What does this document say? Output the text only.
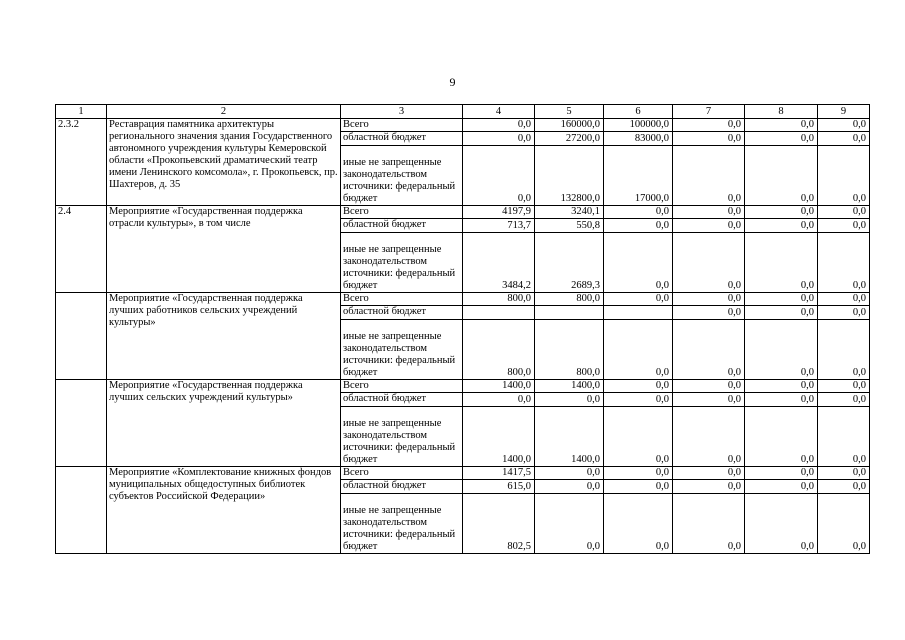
9
1	2	3	4	5	6	7	8	9
2.3.2	Реставрация памятника архитектуры регионального значения здания Государственного автономного учреждения культуры Кемеровской области «Прокопьевский драматический театр имени Ленинского комсомола», г. Прокопьевск, пр. Шахтеров, д. 35	Всего	0,0	160000,0	100000,0	0,0	0,0	0,0
		областной бюджет	0,0	27200,0	83000,0	0,0	0,0	0,0
		иные не запрещенные законодательством источники: федеральный бюджет	0,0	132800,0	17000,0	0,0	0,0	0,0
2.4	Мероприятие «Государственная поддержка отрасли культуры», в том числе	Всего	4197,9	3240,1	0,0	0,0	0,0	0,0
		областной бюджет	713,7	550,8	0,0	0,0	0,0	0,0
		иные не запрещенные законодательством источники: федеральный бюджет	3484,2	2689,3	0,0	0,0	0,0	0,0
	Мероприятие «Государственная поддержка лучших работников сельских учреждений культуры»	Всего	800,0	800,0	0,0	0,0	0,0	0,0
		областной бюджет				0,0	0,0	0,0
		иные не запрещенные законодательством источники: федеральный бюджет	800,0	800,0	0,0	0,0	0,0	0,0
	Мероприятие «Государственная поддержка лучших сельских учреждений культуры»	Всего	1400,0	1400,0	0,0	0,0	0,0	0,0
		областной бюджет	0,0	0,0	0,0	0,0	0,0	0,0
		иные не запрещенные законодательством источники: федеральный бюджет	1400,0	1400,0	0,0	0,0	0,0	0,0
	Мероприятие «Комплектование книжных фондов муниципальных общедоступных библиотек субъектов Российской Федерации»	Всего	1417,5	0,0	0,0	0,0	0,0	0,0
		областной бюджет	615,0	0,0	0,0	0,0	0,0	0,0
		иные не запрещенные законодательством источники: федеральный бюджет	802,5	0,0	0,0	0,0	0,0	0,0
